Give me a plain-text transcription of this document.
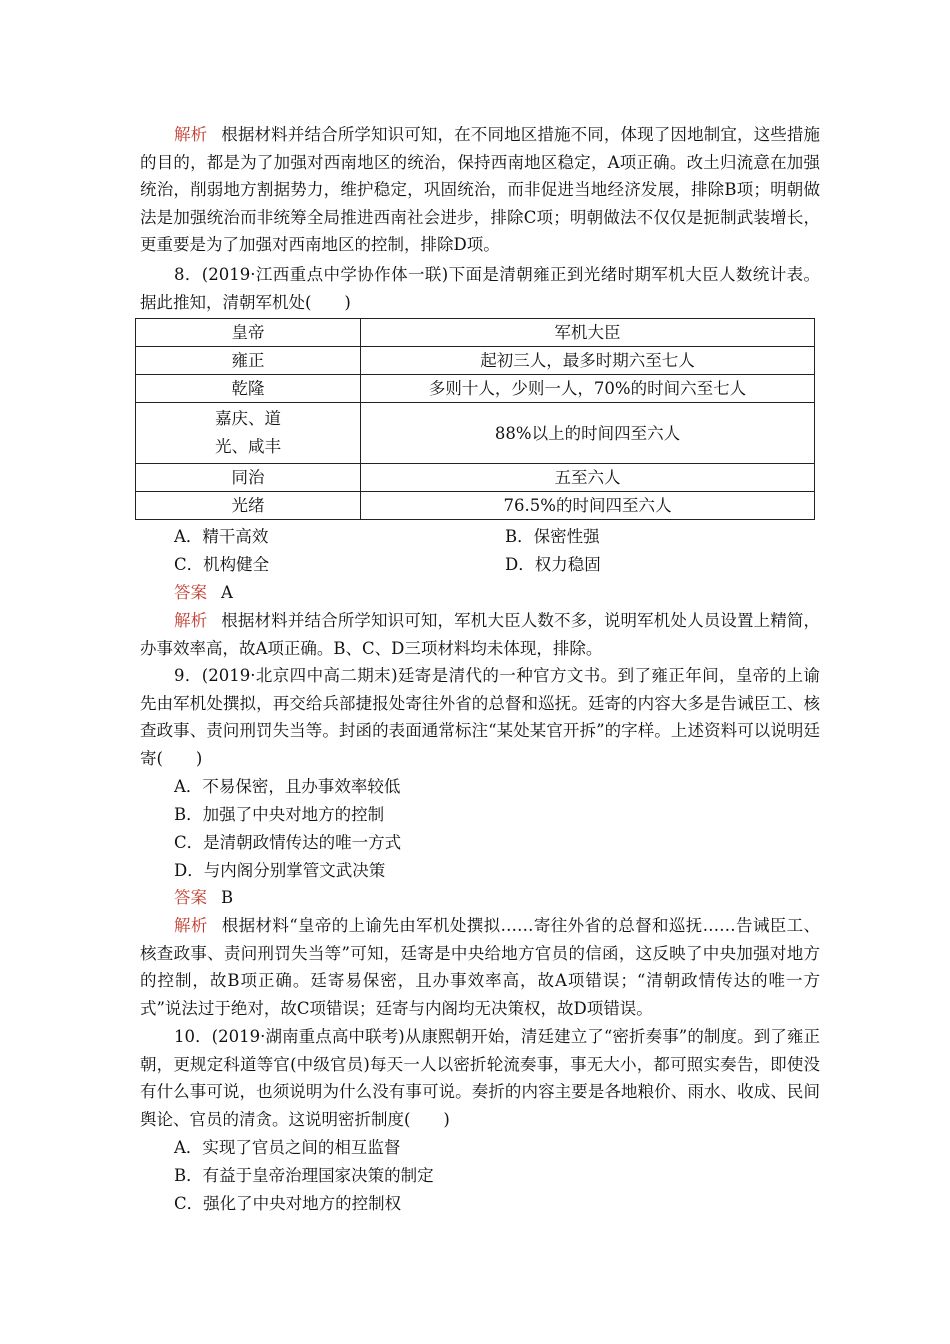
解析 根据材料并结合所学知识可知，在不同地区措施不同，体现了因地制宜，这些措施的目的，都是为了加强对西南地区的统治，保持西南地区稳定，A项正确。改土归流意在加强统治，削弱地方割据势力，维护稳定，巩固统治，而非促进当地经济发展，排除B项；明朝做法是加强统治而非统筹全局推进西南社会进步，排除C项；明朝做法不仅仅是扼制武装增长，更重要是为了加强对西南地区的控制，排除D项。

8．(2019·江西重点中学协作体一联)下面是清朝雍正到光绪时期军机大臣人数统计表。据此推知，清朝军机处(　　)

皇帝	军机大臣
雍正	起初三人，最多时期六至七人
乾隆	多则十人，少则一人，70%的时间六至七人
嘉庆、道
光、咸丰	88%以上的时间四至六人
同治	五至六人
光绪	76.5%的时间四至六人

A．精干高效	B．保密性强

C．机构健全	D．权力稳固

答案 A

解析 根据材料并结合所学知识可知，军机大臣人数不多，说明军机处人员设置上精简，办事效率高，故A项正确。B、C、D三项材料均未体现，排除。

9．(2019·北京四中高二期末)廷寄是清代的一种官方文书。到了雍正年间，皇帝的上谕先由军机处撰拟，再交给兵部捷报处寄往外省的总督和巡抚。廷寄的内容大多是告诫臣工、核查政事、责问刑罚失当等。封函的表面通常标注“某处某官开拆”的字样。上述资料可以说明廷寄(　　)

A．不易保密，且办事效率较低

B．加强了中央对地方的控制

C．是清朝政情传达的唯一方式

D．与内阁分别掌管文武决策

答案 B

解析 根据材料“皇帝的上谕先由军机处撰拟……寄往外省的总督和巡抚……告诫臣工、核查政事、责问刑罚失当等”可知，廷寄是中央给地方官员的信函，这反映了中央加强对地方的控制，故B项正确。廷寄易保密，且办事效率高，故A项错误；“清朝政情传达的唯一方式”说法过于绝对，故C项错误；廷寄与内阁均无决策权，故D项错误。

10．(2019·湖南重点高中联考)从康熙朝开始，清廷建立了“密折奏事”的制度。到了雍正朝，更规定科道等官(中级官员)每天一人以密折轮流奏事，事无大小，都可照实奏告，即使没有什么事可说，也须说明为什么没有事可说。奏折的内容主要是各地粮价、雨水、收成、民间舆论、官员的清贪。这说明密折制度(　　)

A．实现了官员之间的相互监督

B．有益于皇帝治理国家决策的制定

C．强化了中央对地方的控制权
